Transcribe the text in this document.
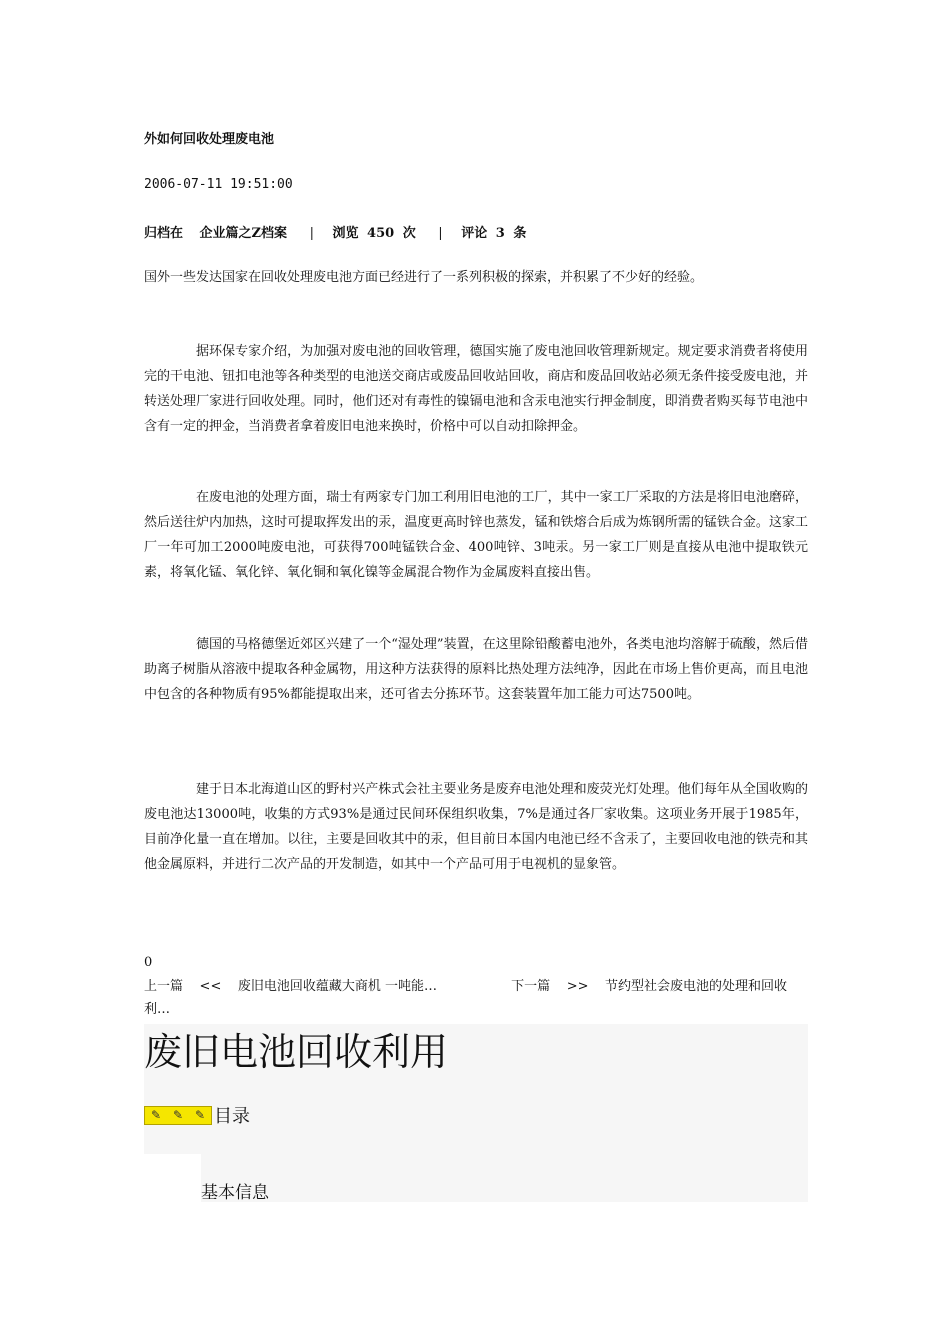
外如何回收处理废电池
2006-07-11 19:51:00
归档在 企业篇之Z档案 | 浏览 450 次 | 评论 3 条
国外一些发达国家在回收处理废电池方面已经进行了一系列积极的探索，并积累了不少好的经验。

据环保专家介绍，为加强对废电池的回收管理，德国实施了废电池回收管理新规定。规定要求消费者将使用完的干电池、钮扣电池等各种类型的电池送交商店或废品回收站回收，商店和废品回收站必须无条件接受废电池，并转送处理厂家进行回收处理。同时，他们还对有毒性的镍镉电池和含汞电池实行押金制度，即消费者购买每节电池中含有一定的押金，当消费者拿着废旧电池来换时，价格中可以自动扣除押金。

在废电池的处理方面，瑞士有两家专门加工利用旧电池的工厂，其中一家工厂采取的方法是将旧电池磨碎，然后送往炉内加热，这时可提取挥发出的汞，温度更高时锌也蒸发，锰和铁熔合后成为炼钢所需的锰铁合金。这家工厂一年可加工2000吨废电池，可获得700吨锰铁合金、400吨锌、3吨汞。另一家工厂则是直接从电池中提取铁元素，将氧化锰、氧化锌、氧化铜和氧化镍等金属混合物作为金属废料直接出售。

德国的马格德堡近郊区兴建了一个“湿处理”装置，在这里除铅酸蓄电池外，各类电池均溶解于硫酸，然后借助离子树脂从溶液中提取各种金属物，用这种方法获得的原料比热处理方法纯净，因此在市场上售价更高，而且电池中包含的各种物质有95%都能提取出来，还可省去分拣环节。这套装置年加工能力可达7500吨。

建于日本北海道山区的野村兴产株式会社主要业务是废弃电池处理和废荧光灯处理。他们每年从全国收购的废电池达13000吨，收集的方式93%是通过民间环保组织收集，7%是通过各厂家收集。这项业务开展于1985年，目前净化量一直在增加。以往，主要是回收其中的汞，但目前日本国内电池已经不含汞了，主要回收电池的铁壳和其他金属原料，并进行二次产品的开发制造，如其中一个产品可用于电视机的显象管。

0
上一篇 << 废旧电池回收蕴藏大商机 一吨能…	下一篇 >> 节约型社会废电池的处理和回收利…
废旧电池回收利用
✎ ✎ ✎ 目录
基本信息
